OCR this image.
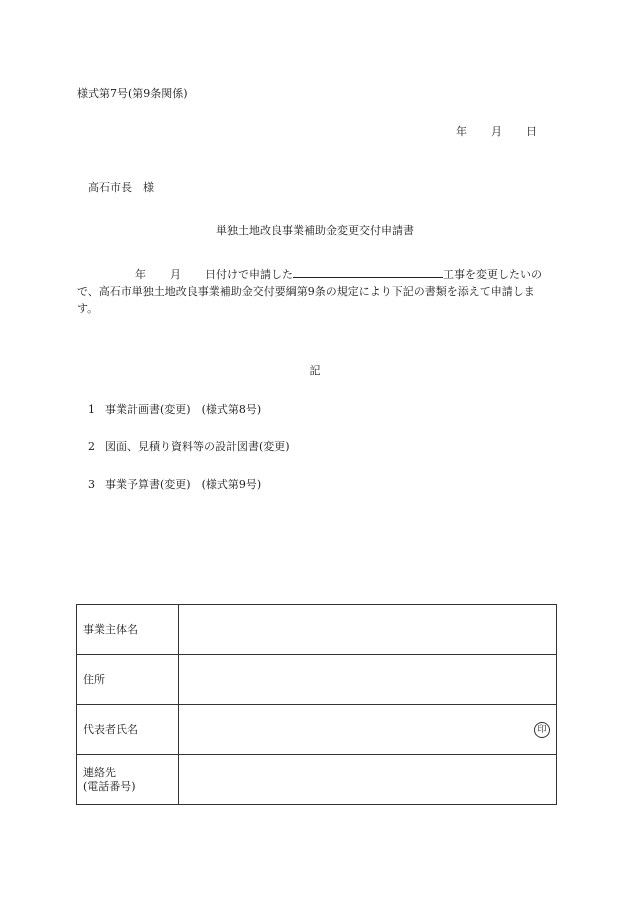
様式第7号(第9条関係)
年 月 日
高石市長　様
単独土地改良事業補助金変更交付申請書
年 月 日付けで申請した	工事を変更したいので、高石市単独土地改良事業補助金交付要綱第9条の規定により下記の書類を添えて申請します。
記
1 事業計画書(変更)　(様式第8号)
2 図面、見積り資料等の設計図書(変更)
3 事業予算書(変更)　(様式第9号)
事業主体名	
住所	
代表者氏名	印

連絡先
(電話番号)	
